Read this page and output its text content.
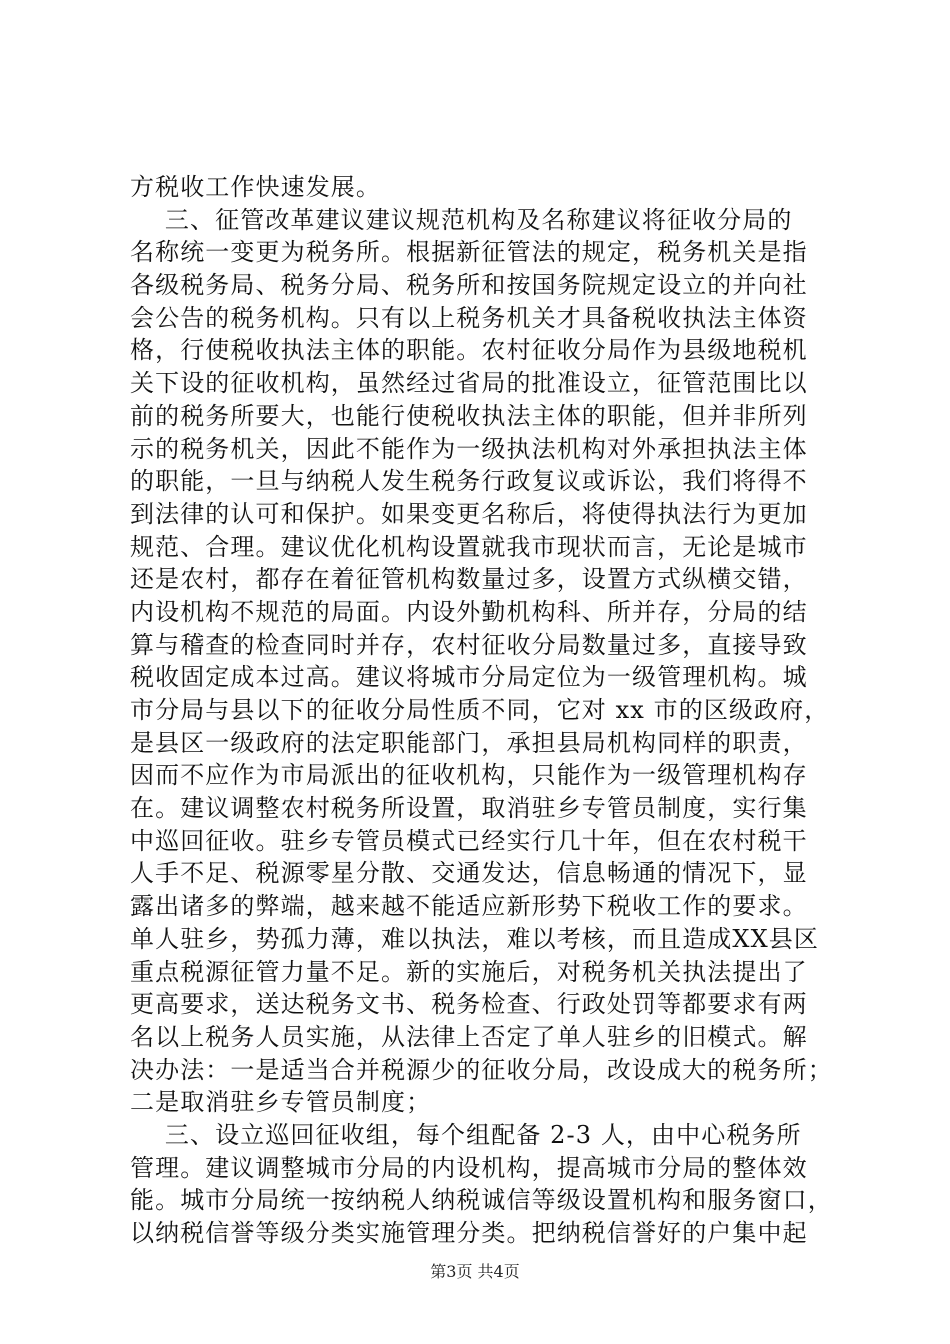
方税收工作快速发展。
三、征管改革建议建议规范机构及名称建议将征收分局的
名称统一变更为税务所。根据新征管法的规定，税务机关是指
各级税务局、税务分局、税务所和按国务院规定设立的并向社
会公告的税务机构。只有以上税务机关才具备税收执法主体资
格，行使税收执法主体的职能。农村征收分局作为县级地税机
关下设的征收机构，虽然经过省局的批准设立，征管范围比以
前的税务所要大，也能行使税收执法主体的职能，但并非所列
示的税务机关，因此不能作为一级执法机构对外承担执法主体
的职能，一旦与纳税人发生税务行政复议或诉讼，我们将得不
到法律的认可和保护。如果变更名称后，将使得执法行为更加
规范、合理。建议优化机构设置就我市现状而言，无论是城市
还是农村，都存在着征管机构数量过多，设置方式纵横交错，
内设机构不规范的局面。内设外勤机构科、所并存，分局的结
算与稽查的检查同时并存，农村征收分局数量过多，直接导致
税收固定成本过高。建议将城市分局定位为一级管理机构。城
市分局与县以下的征收分局性质不同，它对 xx 市的区级政府，
是县区一级政府的法定职能部门，承担县局机构同样的职责，
因而不应作为市局派出的征收机构，只能作为一级管理机构存
在。建议调整农村税务所设置，取消驻乡专管员制度，实行集
中巡回征收。驻乡专管员模式已经实行几十年，但在农村税干
人手不足、税源零星分散、交通发达，信息畅通的情况下，显
露出诸多的弊端，越来越不能适应新形势下税收工作的要求。
单人驻乡，势孤力薄，难以执法，难以考核，而且造成XX县区
重点税源征管力量不足。新的实施后，对税务机关执法提出了
更高要求，送达税务文书、税务检查、行政处罚等都要求有两
名以上税务人员实施，从法律上否定了单人驻乡的旧模式。解
决办法：一是适当合并税源少的征收分局，改设成大的税务所；
二是取消驻乡专管员制度；
三、设立巡回征收组，每个组配备 2-3 人，由中心税务所
管理。建议调整城市分局的内设机构，提高城市分局的整体效
能。城市分局统一按纳税人纳税诚信等级设置机构和服务窗口，
以纳税信誉等级分类实施管理分类。把纳税信誉好的户集中起
第3页 共4页
